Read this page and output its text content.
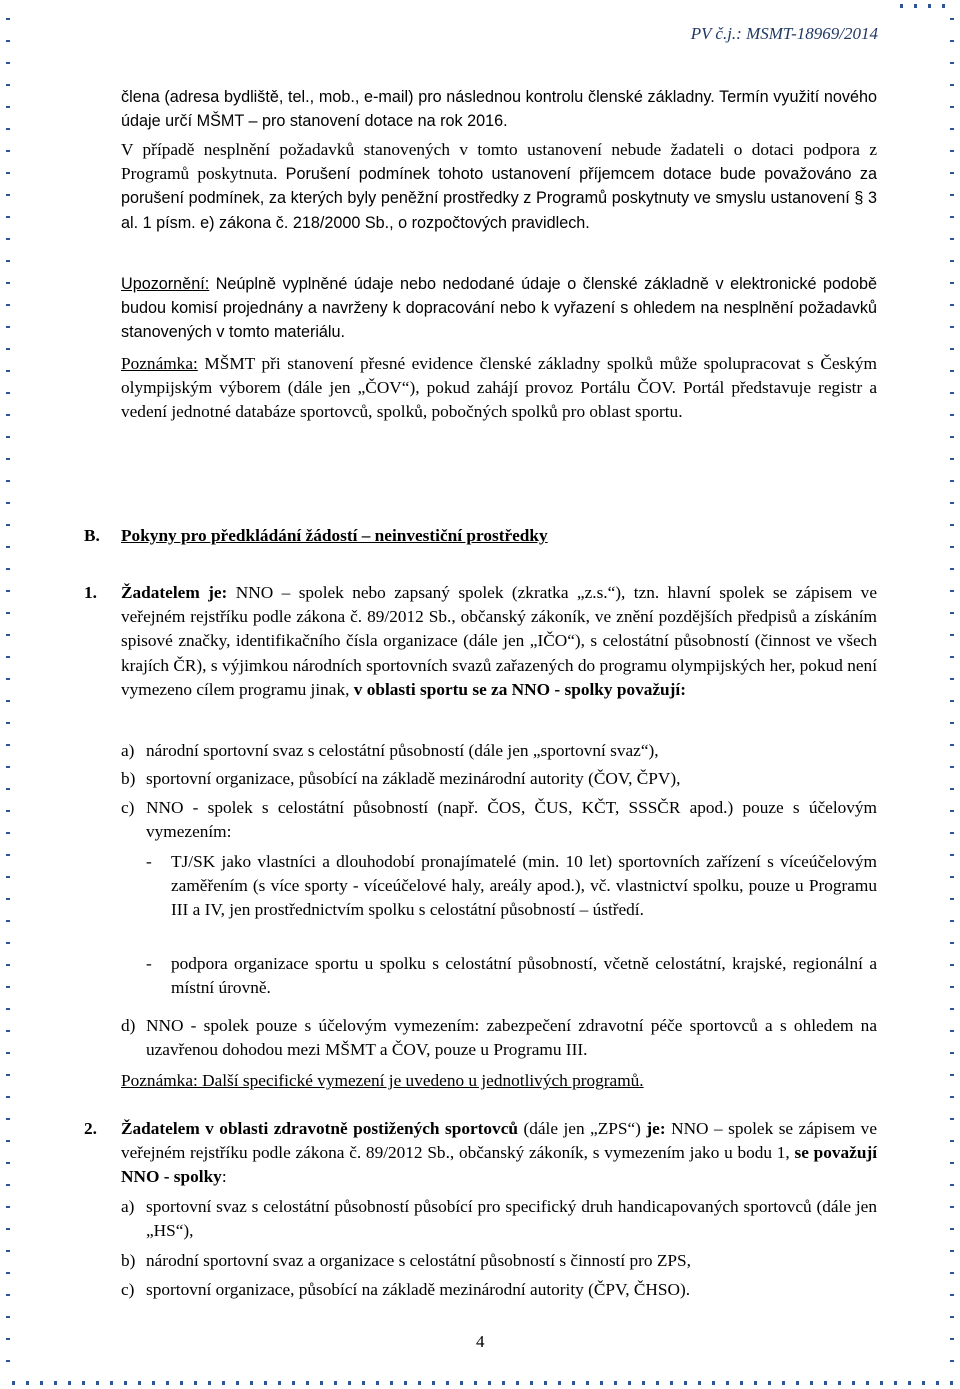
PV č.j.: MSMT-18969/2014
člena (adresa bydliště, tel., mob., e-mail) pro následnou kontrolu členské základny. Termín využití nového údaje určí MŠMT – pro stanovení dotace na rok 2016.
V případě nesplnění požadavků stanovených v tomto ustanovení nebude žadateli o dotaci podpora z Programů poskytnuta. Porušení podmínek tohoto ustanovení příjemcem dotace bude považováno za porušení podmínek, za kterých byly peněžní prostředky z Programů poskytnuty ve smyslu ustanovení § 3 al. 1 písm. e) zákona č. 218/2000 Sb., o rozpočtových pravidlech.
Upozornění: Neúplně vyplněné údaje nebo nedodané údaje o členské základně v elektronické podobě budou komisí projednány a navrženy k dopracování nebo k vyřazení s ohledem na nesplnění požadavků stanovených v tomto materiálu.
Poznámka: MŠMT při stanovení přesné evidence členské základny spolků může spolupracovat s Českým olympijským výborem (dále jen „ČOV“), pokud zahájí provoz Portálu ČOV. Portál představuje registr a vedení jednotné databáze sportovců, spolků, pobočných spolků pro oblast sportu.
B. Pokyny pro předkládání žádostí – neinvestiční prostředky
1. Žadatelem je: NNO – spolek nebo zapsaný spolek (zkratka „z.s.“), tzn. hlavní spolek se zápisem ve veřejném rejstříku podle zákona č. 89/2012 Sb., občanský zákoník, ve znění pozdějších předpisů a získáním spisové značky, identifikačního čísla organizace (dále jen „IČO“), s celostátní působností (činnost ve všech krajích ČR), s výjimkou národních sportovních svazů zařazených do programu olympijských her, pokud není vymezeno cílem programu jinak, v oblasti sportu se za NNO - spolky považují:
a) národní sportovní svaz s celostátní působností (dále jen „sportovní svaz“),
b) sportovní organizace, působící na základě mezinárodní autority (ČOV, ČPV),
c) NNO - spolek s celostátní působností (např. ČOS, ČUS, KČT, SSSČR apod.) pouze s účelovým vymezením:
- TJ/SK jako vlastníci a dlouhodobí pronajímatelé (min. 10 let) sportovních zařízení s víceúčelovým zaměřením (s více sporty - víceúčelové haly, areály apod.), vč. vlastnictví spolku, pouze u Programu III a IV, jen prostřednictvím spolku s celostátní působností – ústředí.
- podpora organizace sportu u spolku s celostátní působností, včetně celostátní, krajské, regionální a místní úrovně.
d) NNO - spolek pouze s účelovým vymezením: zabezpečení zdravotní péče sportovců a s ohledem na uzavřenou dohodou mezi MŠMT a ČOV, pouze u Programu III.
Poznámka: Další specifické vymezení je uvedeno u jednotlivých programů.
2. Žadatelem v oblasti zdravotně postižených sportovců (dále jen „ZPS“) je: NNO – spolek se zápisem ve veřejném rejstříku podle zákona č. 89/2012 Sb., občanský zákoník, s vymezením jako u bodu 1, se považují NNO - spolky:
a) sportovní svaz s celostátní působností působící pro specifický druh handicapovaných sportovců (dále jen „HS“),
b) národní sportovní svaz a organizace s celostátní působností s činností pro ZPS,
c) sportovní organizace, působící na základě mezinárodní autority (ČPV, ČHSO).
4
